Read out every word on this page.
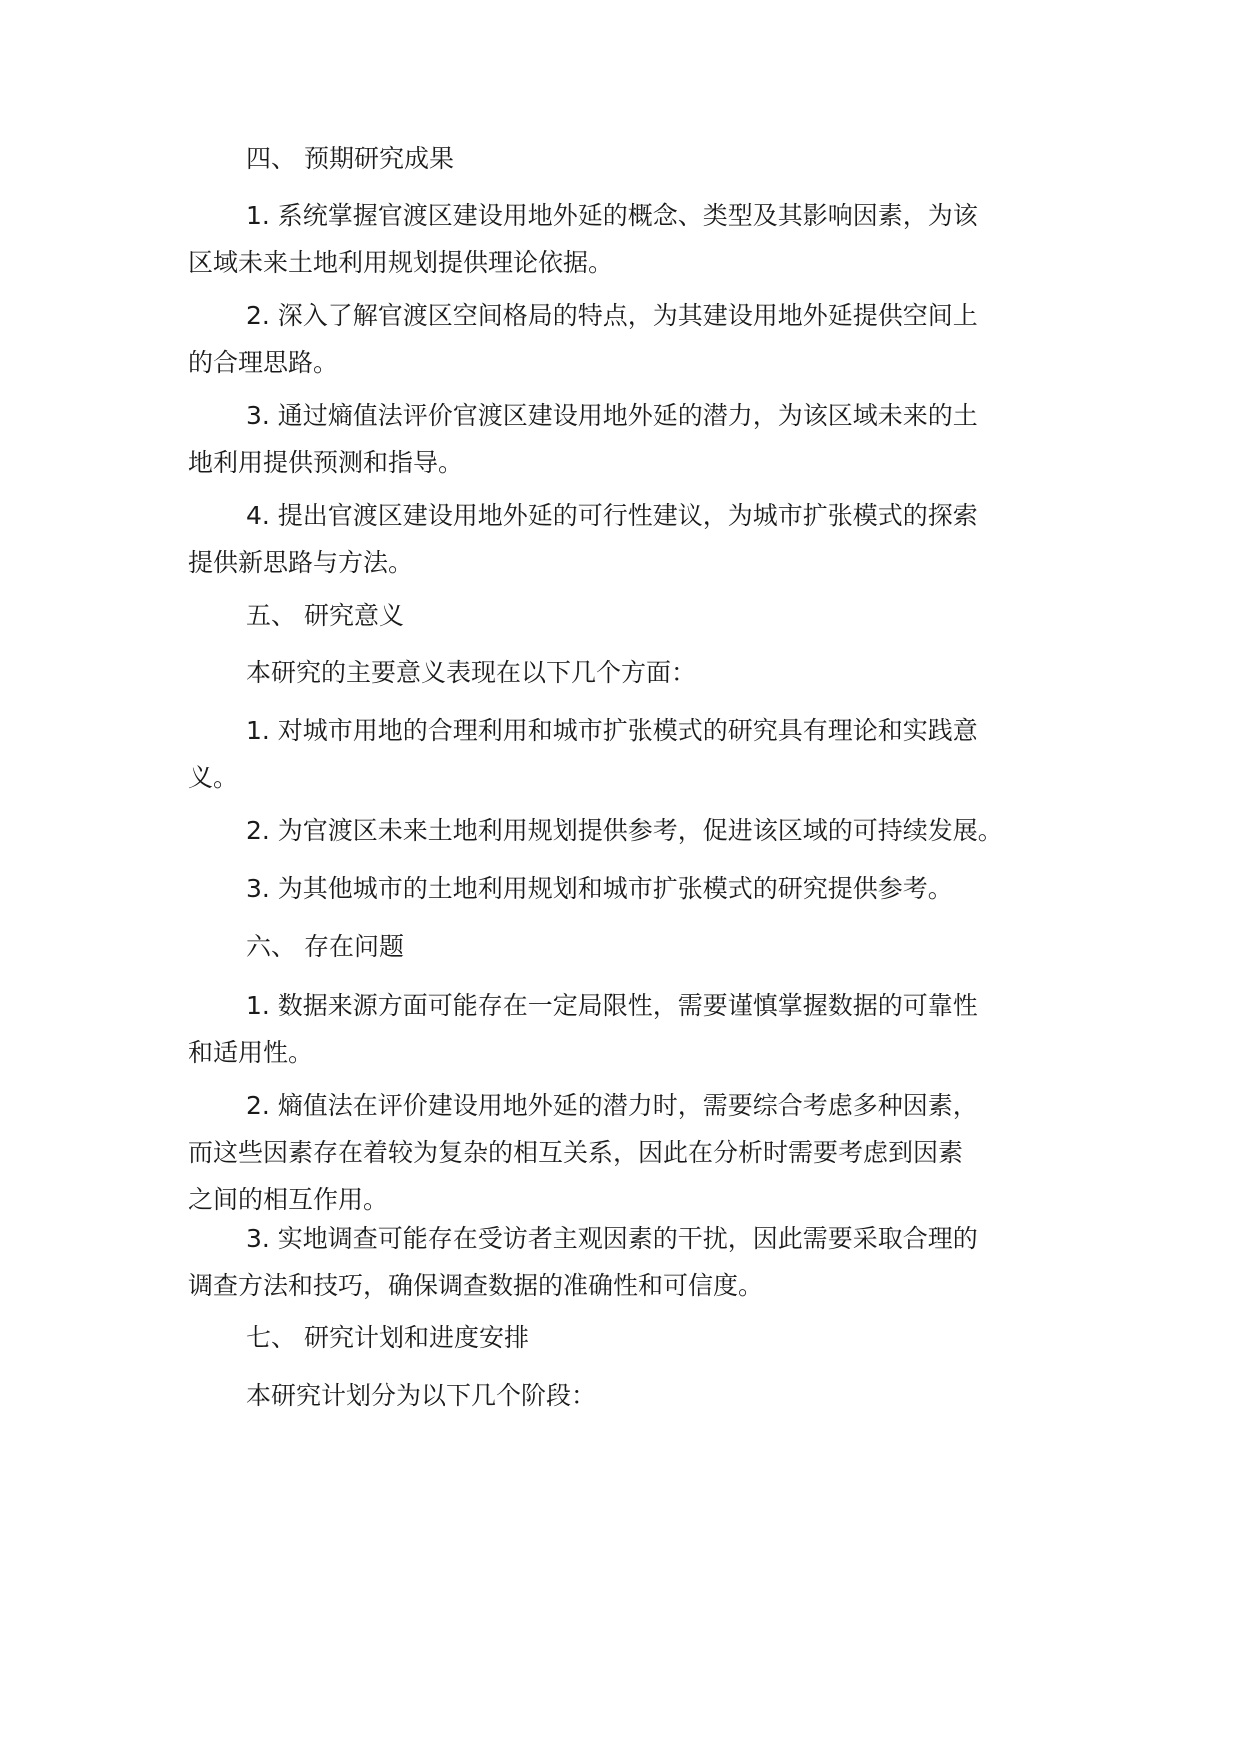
四、 预期研究成果

1. 系统掌握官渡区建设用地外延的概念、类型及其影响因素，为该
区域未来土地利用规划提供理论依据。

2. 深入了解官渡区空间格局的特点，为其建设用地外延提供空间上
的合理思路。

3. 通过熵值法评价官渡区建设用地外延的潜力，为该区域未来的土
地利用提供预测和指导。

4. 提出官渡区建设用地外延的可行性建议，为城市扩张模式的探索
提供新思路与方法。

五、 研究意义

本研究的主要意义表现在以下几个方面：

1. 对城市用地的合理利用和城市扩张模式的研究具有理论和实践意
义。

2. 为官渡区未来土地利用规划提供参考，促进该区域的可持续发展。

3. 为其他城市的土地利用规划和城市扩张模式的研究提供参考。

六、 存在问题

1. 数据来源方面可能存在一定局限性，需要谨慎掌握数据的可靠性
和适用性。

2. 熵值法在评价建设用地外延的潜力时，需要综合考虑多种因素，
而这些因素存在着较为复杂的相互关系，因此在分析时需要考虑到因素
之间的相互作用。

3. 实地调查可能存在受访者主观因素的干扰，因此需要采取合理的
调查方法和技巧，确保调查数据的准确性和可信度。

七、 研究计划和进度安排

本研究计划分为以下几个阶段：
